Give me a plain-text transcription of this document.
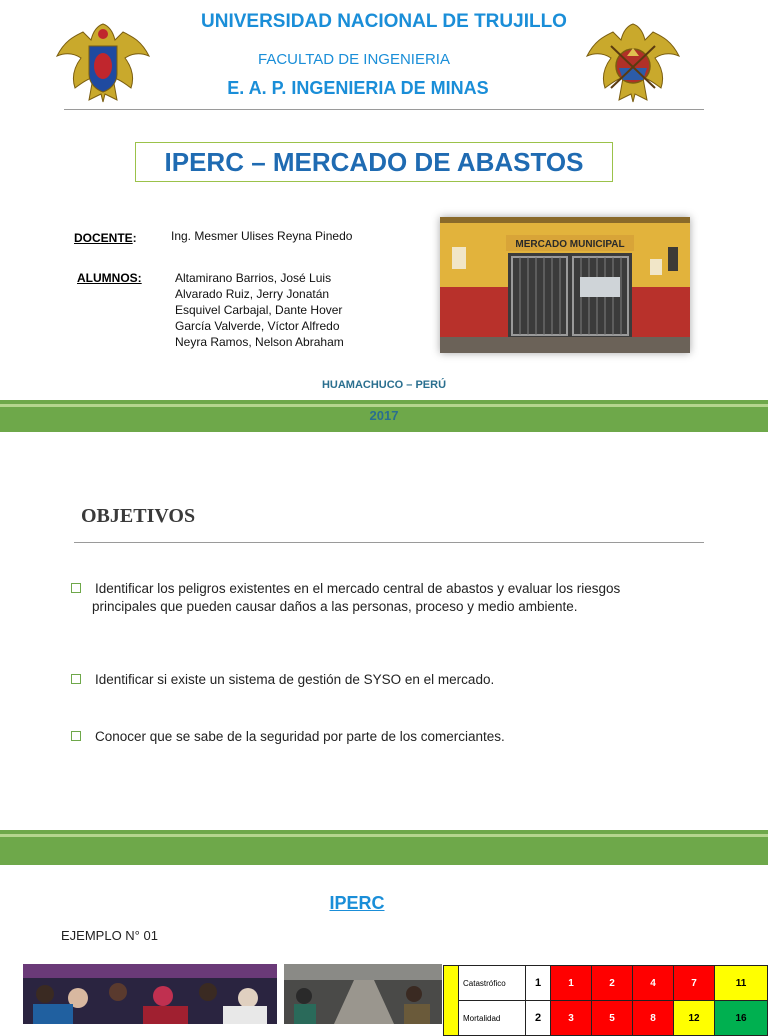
UNIVERSIDAD NACIONAL DE TRUJILLO
FACULTAD DE INGENIERIA
E. A. P. INGENIERIA DE MINAS
IPERC – MERCADO DE ABASTOS
DOCENTE:	Ing. Mesmer Ulises Reyna Pinedo
ALUMNOS:	Altamirano Barrios, José Luis
Alvarado Ruiz, Jerry Jonatán
Esquivel Carbajal, Dante Hover
García Valverde, Víctor Alfredo
Neyra Ramos, Nelson Abraham
MERCADO MUNICIPAL
HUAMACHUCO – PERÚ
2017
OBJETIVOS
Identificar los peligros existentes en el mercado central de abastos y evaluar los riesgos principales que pueden causar daños a las personas, proceso y medio ambiente.
Identificar si existe un sistema de gestión de SYSO en el mercado.
Conocer que se sabe de la seguridad por parte de los comerciantes.
IPERC
EJEMPLO N° 01
	Catastrófico	1	1	2	4	7	11
	Mortalidad	2	3	5	8	12	16
